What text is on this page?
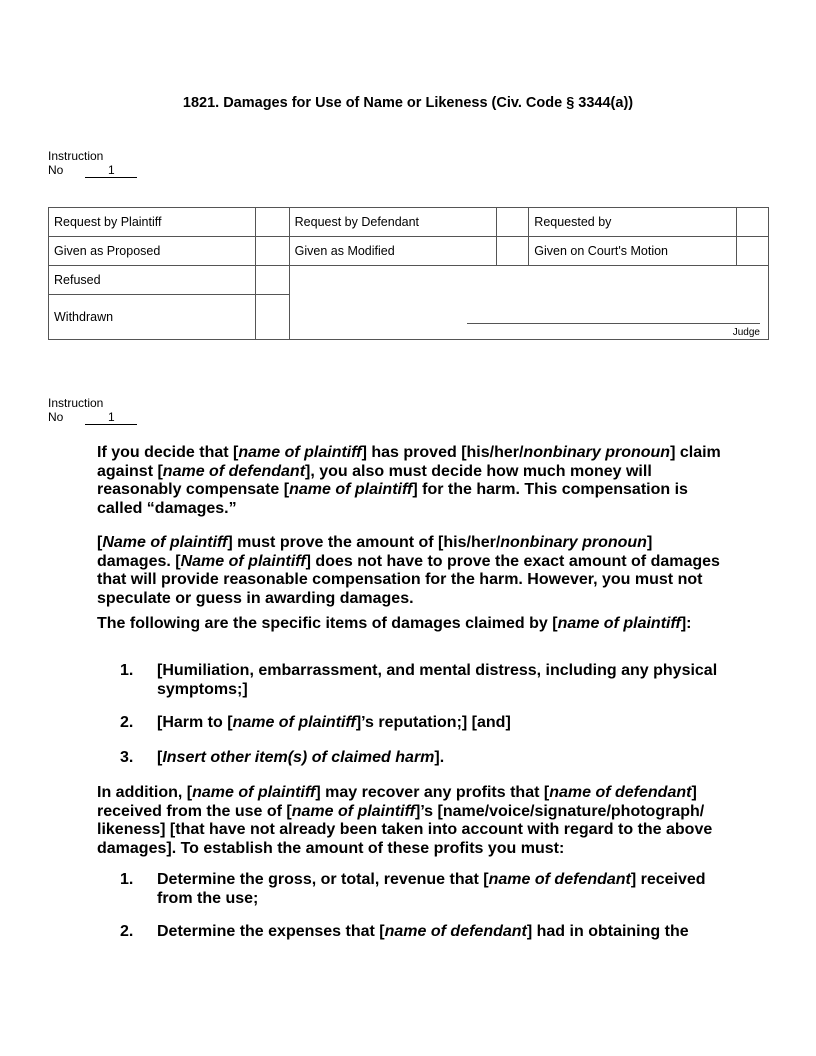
1821. Damages for Use of Name or Likeness (Civ. Code § 3344(a))
Instruction
No	1
Request by Plaintiff		Request by Defendant		Requested by	
Given as Proposed		Given as Modified		Given on Court's Motion	
Refused		Judge			

Withdrawn					
Instruction
No	1

If you decide that [name of plaintiff] has proved [his/her/nonbinary pronoun] claim against [name of defendant], you also must decide how much money will reasonably compensate [name of plaintiff] for the harm. This compensation is called “damages.”

[Name of plaintiff] must prove the amount of [his/her/nonbinary pronoun] damages. [Name of plaintiff] does not have to prove the exact amount of damages that will provide reasonable compensation for the harm. However, you must not speculate or guess in awarding damages.

The following are the specific items of damages claimed by [name of plaintiff]:

1. [Humiliation, embarrassment, and mental distress, including any physical symptoms;]
2. [Harm to [name of plaintiff]’s reputation;] [and]
3. [Insert other item(s) of claimed harm].

In addition, [name of plaintiff] may recover any profits that [name of defendant] received from the use of [name of plaintiff]’s [name/voice/signature/photograph/ likeness] [that have not already been taken into account with regard to the above damages]. To establish the amount of these profits you must:

1. Determine the gross, or total, revenue that [name of defendant] received from the use;
2. Determine the expenses that [name of defendant] had in obtaining the
